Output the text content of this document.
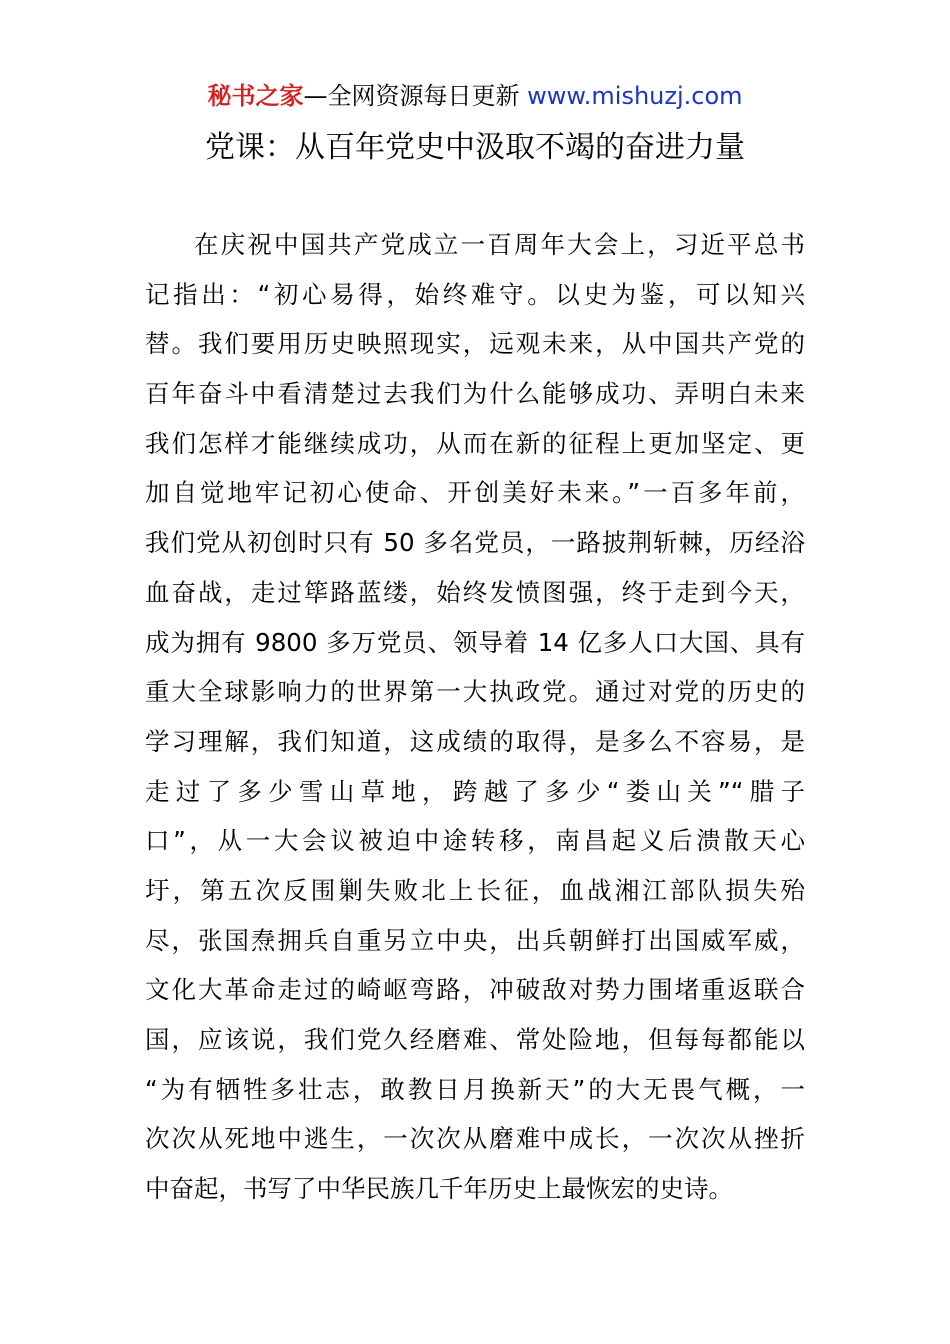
秘书之家—全网资源每日更新 www.mishuzj.com
党课：从百年党史中汲取不竭的奋进力量
在庆祝中国共产党成立一百周年大会上，习近平总书
记指出：“初心易得，始终难守。以史为鉴，可以知兴
替。我们要用历史映照现实，远观未来，从中国共产党的
百年奋斗中看清楚过去我们为什么能够成功、弄明白未来
我们怎样才能继续成功，从而在新的征程上更加坚定、更
加自觉地牢记初心使命、开创美好未来。”一百多年前，
我们党从初创时只有 50 多名党员，一路披荆斩棘，历经浴
血奋战，走过筚路蓝缕，始终发愤图强，终于走到今天，
成为拥有 9800 多万党员、领导着 14 亿多人口大国、具有
重大全球影响力的世界第一大执政党。通过对党的历史的
学习理解，我们知道，这成绩的取得，是多么不容易，是
走过了多少雪山草地，跨越了多少“娄山关”“腊子
口”，从一大会议被迫中途转移，南昌起义后溃散天心
圩，第五次反围剿失败北上长征，血战湘江部队损失殆
尽，张国焘拥兵自重另立中央，出兵朝鲜打出国威军威，
文化大革命走过的崎岖弯路，冲破敌对势力围堵重返联合
国，应该说，我们党久经磨难、常处险地，但每每都能以
“为有牺牲多壮志，敢教日月换新天”的大无畏气概，一
次次从死地中逃生，一次次从磨难中成长，一次次从挫折
中奋起，书写了中华民族几千年历史上最恢宏的史诗。
